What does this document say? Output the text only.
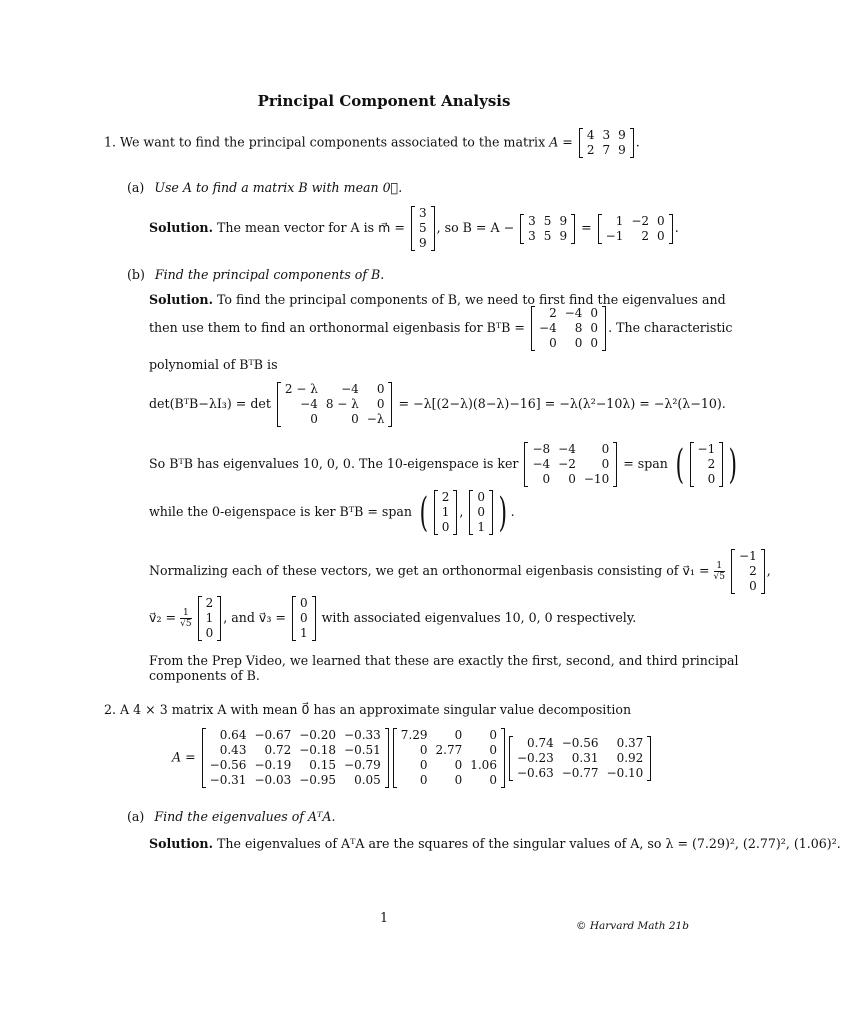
Principal Component Analysis
1. We want to find the principal components associated to the matrix A = 4	3	9
2	7	9
.
(a) Use A to find a matrix B with mean 0⃗.
Solution. The mean vector for A is m⃗ =
3
5
9
, so B = A − 3	5	9
3	5	9
= 1	−2	0
−1	2	0
.
(b) Find the principal components of B.
Solution. To find the principal components of B, we need to first find the eigenvalues and
then use them to find an orthonormal eigenbasis for BᵀB =
2	−4	0
−4	8	0
0	0	0
. The characteristic
polynomial of BᵀB is
det(BᵀB−λI₃) = det
2 − λ	−4	0
−4	8 − λ	0
0	0	−λ
= −λ[(2−λ)(8−λ)−16] = −λ(λ²−10λ) = −λ²(λ−10).
So BᵀB has eigenvalues 10, 0, 0. The 10-eigenspace is ker
−8	−4	0
−4	−2	0
0	0	−10
= span ( −1
2
0 )
while the 0-eigenspace is ker BᵀB = span ( 2
1
0
,
0
0
1 ) .
Normalizing each of these vectors, we get an orthonormal eigenbasis consisting of v⃗₁ = $\frac{1}{√5}$

−1
2
0
,
v⃗₂ = $\frac{1}{√5}$

2
1
0
, and v⃗₃ =
0
0
1
with associated eigenvalues 10, 0, 0 respectively.
From the Prep Video, we learned that these are exactly the first, second, and third principal
components of B.
2. A 4 × 3 matrix A with mean 0⃗ has an approximate singular value decomposition
A =
0.64	−0.67	−0.20	−0.33
0.43	0.72	−0.18	−0.51
−0.56	−0.19	0.15	−0.79
−0.31	−0.03	−0.95	0.05
7.29	0	0
0	2.77	0
0	0	1.06
0	0	0
0.74	−0.56	0.37
−0.23	0.31	0.92
−0.63	−0.77	−0.10
(a) Find the eigenvalues of AᵀA.
Solution. The eigenvalues of AᵀA are the squares of the singular values of A, so λ = (7.29)², (2.77)², (1.06)².
1
© Harvard Math 21b
